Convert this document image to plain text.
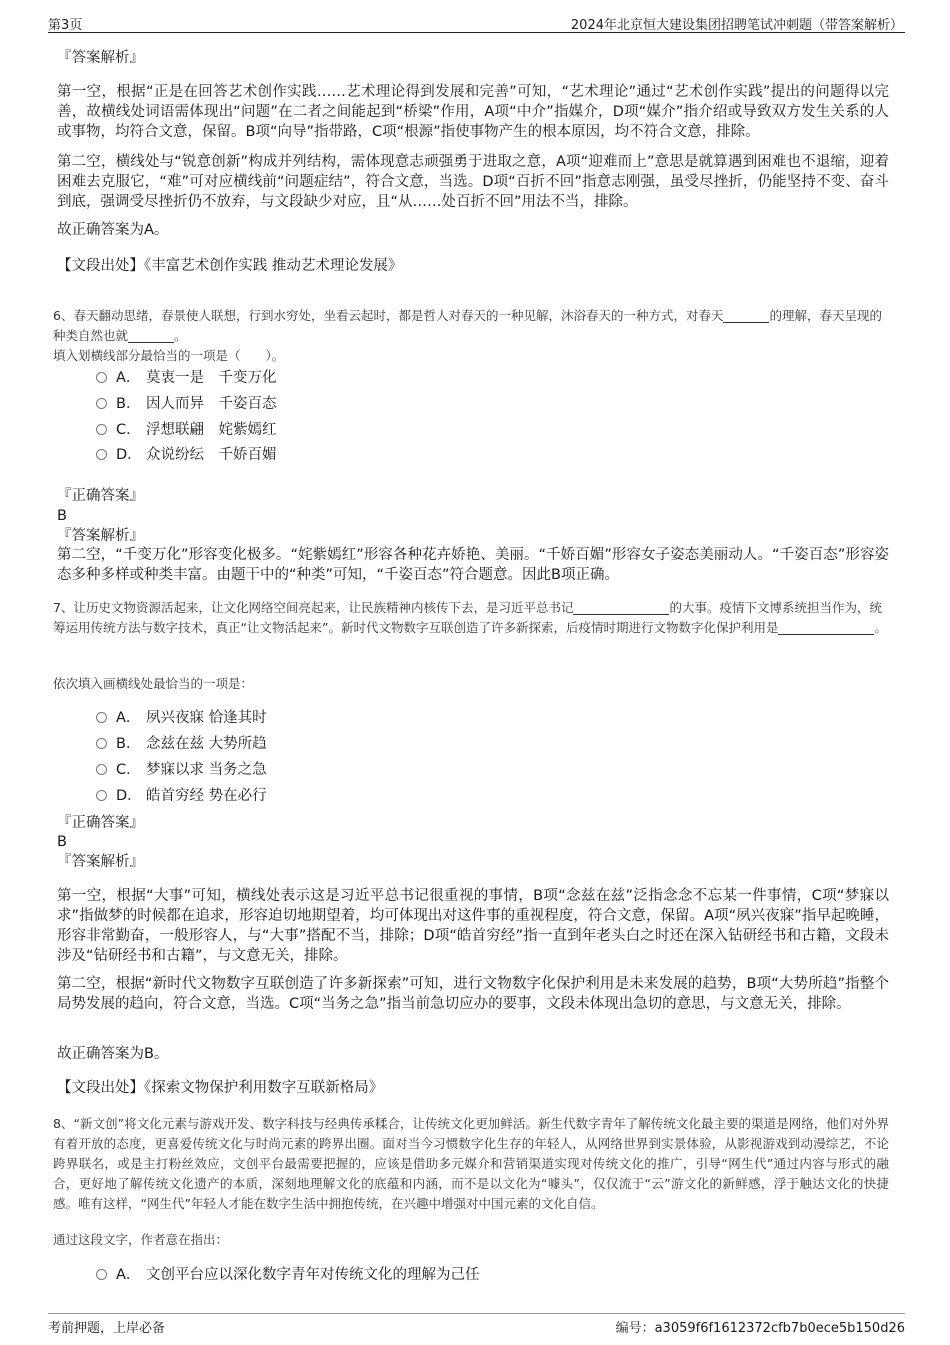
第3页	2024年北京恒大建设集团招聘笔试冲刺题（带答案解析）
『答案解析』

第一空，根据“正是在回答艺术创作实践……艺术理论得到发展和完善”可知，“艺术理论”通过“艺术创作实践”提出的问题得以完善，故横线处词语需体现出“问题”在二者之间能起到“桥梁”作用，A项“中介”指媒介，D项“媒介”指介绍或导致双方发生关系的人或事物，均符合文意，保留。B项“向导”指带路，C项“根源”指使事物产生的根本原因，均不符合文意，排除。

第二空，横线处与“锐意创新”构成并列结构，需体现意志顽强勇于进取之意，A项“迎难而上”意思是就算遇到困难也不退缩，迎着困难去克服它，“难”可对应横线前“问题症结”，符合文意，当选。D项“百折不回”指意志刚强，虽受尽挫折，仍能坚持不变、奋斗到底，强调受尽挫折仍不放弃，与文段缺少对应，且“从……处百折不回”用法不当，排除。

故正确答案为A。
【文段出处】《丰富艺术创作实践 推动艺术理论发展》
6、春天翻动思绪，春景使人联想，行到水穷处，坐看云起时，都是哲人对春天的一种见解，沐浴春天的一种方式，对春天	的理解，春天呈现的种类自然也就	。
填入划横线部分最恰当的一项是（　　）。
A． 莫衷一是　千变万化
B． 因人而异　千姿百态
C． 浮想联翩　姹紫嫣红
D． 众说纷纭　千娇百媚
『正确答案』
B
『答案解析』

第二空，“千变万化”形容变化极多。“姹紫嫣红”形容各种花卉娇艳、美丽。“千娇百媚”形容女子姿态美丽动人。“千姿百态”形容姿态多种多样或种类丰富。由题干中的“种类”可知，“千姿百态”符合题意。因此B项正确。

7、让历史文物资源活起来，让文化网络空间亮起来，让民族精神内核传下去，是习近平总书记	的大事。疫情下文博系统担当作为，统筹运用传统方法与数字技术，真正“让文物活起来”。新时代文物数字互联创造了许多新探索，后疫情时期进行文物数字化保护利用是	。
依次填入画横线处最恰当的一项是：
A． 夙兴夜寐 恰逢其时
B． 念兹在兹 大势所趋
C． 梦寐以求 当务之急
D． 皓首穷经 势在必行
『正确答案』
B
『答案解析』

第一空，根据“大事”可知，横线处表示这是习近平总书记很重视的事情，B项“念兹在兹”泛指念念不忘某一件事情，C项“梦寐以求”指做梦的时候都在追求，形容迫切地期望着，均可体现出对这件事的重视程度，符合文意，保留。A项“夙兴夜寐”指早起晚睡，形容非常勤奋，一般形容人，与“大事”搭配不当，排除；D项“皓首穷经”指一直到年老头白之时还在深入钻研经书和古籍，文段未涉及“钻研经书和古籍”，与文意无关，排除。

第二空，根据“新时代文物数字互联创造了许多新探索”可知，进行文物数字化保护利用是未来发展的趋势，B项“大势所趋”指整个局势发展的趋向，符合文意，当选。C项“当务之急”指当前急切应办的要事，文段未体现出急切的意思，与文意无关，排除。

故正确答案为B。
【文段出处】《探索文物保护利用数字互联新格局》

8、“新文创”将文化元素与游戏开发、数字科技与经典传承糅合，让传统文化更加鲜活。新生代数字青年了解传统文化最主要的渠道是网络，他们对外界有着开放的态度，更喜爱传统文化与时尚元素的跨界出圈。面对当今习惯数字化生存的年轻人，从网络世界到实景体验，从影视游戏到动漫综艺，不论跨界联名，或是主打粉丝效应，文创平台最需要把握的，应该是借助多元媒介和营销渠道实现对传统文化的推广，引导“网生代”通过内容与形式的融合，更好地了解传统文化遗产的本质，深刻地理解文化的底蕴和内涵，而不是以文化为“噱头”，仅仅流于“云”游文化的新鲜感，浮于触达文化的快捷感。唯有这样，“网生代”年轻人才能在数字生活中拥抱传统，在兴趣中增强对中国元素的文化自信。

通过这段文字，作者意在指出：
A． 文创平台应以深化数字青年对传统文化的理解为己任
考前押题，上岸必备	编号：a3059f6f1612372cfb7b0ece5b150d26
